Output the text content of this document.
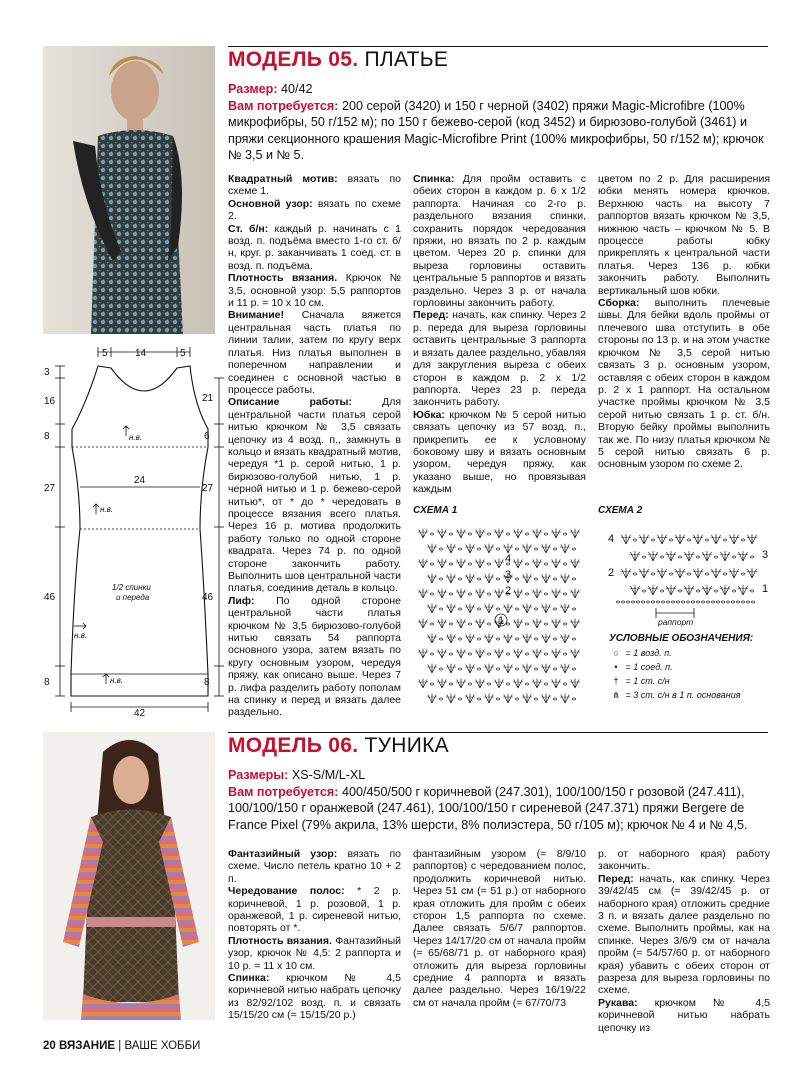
МОДЕЛЬ 05. ПЛАТЬЕ
Размер: 40/42
Вам потребуется: 200 серой (3420) и 150 г черной (3402) пряжи Magic-Microfibre (100% микрофибры, 50 г/152 м); по 150 г бежево-серой (код 3452) и бирюзово-голубой (3461) и пряжи секционного крашения Magic-Microfibre Print (100% микрофибры, 50 г/152 м); крючок № 3,5 и № 5.
5	14	5
3
16
8
27
46
8
21
6
27
46
8
24
42
н.в.
н.в.
н.в.
н.в.
1/2 спинки
и переда

Квадратный мотив: вязать по схеме 1.

Основной узор: вязать по схеме 2.

Ст. б/н: каждый р. начинать с 1 возд. п. подъёма вместо 1-го ст. б/н, круг. р. заканчивать 1 соед. ст. в возд. п. подъёма.

Плотность вязания. Крючок № 3,5, основной узор: 5,5 раппортов и 11 р. = 10 х 10 см.

Внимание! Сначала вяжется центральная часть платья по линии талии, затем по кругу верх платья. Низ платья выполнен в поперечном направлении и соединен с основной частью в процессе работы.

Описание работы: Для центральной части платья серой нитью крючком № 3,5 связать цепочку из 4 возд. п., замкнуть в кольцо и вязать квадратный мотив, чередуя *1 р. серой нитью, 1 р. бирюзово-голубой нитью, 1 р. черной нитью и 1 р. бежево-серой нитью*, от * до * чередовать в процессе вязания всего платья. Через 16 р. мотива продолжить работу только по одной стороне квадрата. Через 74 р. по одной стороне закончить работу. Выполнить шов центральной части платья, соединив деталь в кольцо.

Лиф: По одной стороне центральной части платья крючком № 3,5 бирюзово-голубой нитью связать 54 раппорта основного узора, затем вязать по кругу основным узором, чередуя пряжу, как описано выше. Через 7 р. лифа разделить работу пополам на спинку и перед и вязать далее раздельно.

Спинка: Для пройм оставить с обеих сторон в каждом р. 6 х 1/2 раппорта. Начиная со 2-го р. раздельного вязания спинки, сохранить порядок чередования пряжи, но вязать по 2 р. каждым цветом. Через 20 р. спинки для выреза горловины оставить центральные 5 раппортов и вязать раздельно. Через 3 р. от начала горловины закончить работу.

Перед: начать, как спинку. Через 2 р. переда для выреза горловины оставить центральные 3 раппорта и вязать далее раздельно, убавляя для закругления выреза с обеих сторон в каждом р. 2 х 1/2 раппорта. Через 23 р. переда закончить работу.

Юбка: крючком № 5 серой нитью связать цепочку из 57 возд. п., прикрепить ее к условному боковому шву и вязать основным узором, чередуя пряжу, как указано выше, но провязывая каждым

цветом по 2 р. Для расширения юбки менять номера крючков. Верхнюю часть на высоту 7 раппортов вязать крючком № 3,5, нижнюю часть – крючком № 5. В процессе работы юбку прикреплять к центральной части платья. Через 136 р. юбки закончить работу. Выполнить вертикальный шов юбки.

Сборка: выполнить плечевые швы. Для бейки вдоль проймы от плечевого шва отступить в обе стороны по 13 р. и на этом участке крючком № 3,5 серой нитью связать 3 р. основным узором, оставляя с обеих сторон в каждом р. 2 х 1 раппорт. На остальном участке проймы крючком № 3,5 серой нитью связать 1 р. ст. б/н. Вторую бейку проймы выполнить так же. По низу платья крючком № 5 серой нитью связать 6 р. основным узором по схеме 2.

СХЕМА 1
4
3
2
1
СХЕМА 2
4
3
2
1
раппорт
УСЛОВНЫЕ ОБОЗНАЧЕНИЯ:
○ = 1 возд. п.
• = 1 соед. п.
† = 1 ст. с/н
⋔ = 3 ст. с/н в 1 п. основания
МОДЕЛЬ 06. ТУНИКА
Размеры: XS-S/M/L-XL
Вам потребуется: 400/450/500 г коричневой (247.301), 100/100/150 г розовой (247.411), 100/100/150 г оранжевой (247.461), 100/100/150 г сиреневой (247.371) пряжи Bergere de France Pixel (79% акрила, 13% шерсти, 8% полиэстера, 50 г/105 м); крючок № 4 и № 4,5.

Фантазийный узор: вязать по схеме. Число петель кратно 10 + 2 п.

Чередование полос: * 2 р. коричневой, 1 р. розовой, 1 р. оранжевой, 1 р. сиреневой нитью, повторять от *.

Плотность вязания. Фантазийный узор, крючок № 4,5: 2 раппорта и 10 р. = 11 х 10 см.

Спинка: крючком № 4,5 коричневой нитью набрать цепочку из 82/92/102 возд. п. и связать 15/15/20 см (= 15/15/20 р.)

фантазийным узором (= 8/9/10 раппортов) с чередованием полос, продолжить коричневой нитью. Через 51 см (= 51 р.) от наборного края отложить для пройм с обеих сторон 1,5 раппорта по схеме. Далее связать 5/6/7 раппортов. Через 14/17/20 см от начала пройм (= 65/68/71 р. от наборного края) отложить для выреза горловины средние 4 раппорта и вязать далее раздельно. Через 16/19/22 см от начала пройм (= 67/70/73

р. от наборного края) работу закончить.

Перед: начать, как спинку. Через 39/42/45 см (= 39/42/45 р. от наборного края) отложить средние 3 п. и вязать далее раздельно по схеме. Выполнить проймы, как на спинке. Через 3/6/9 см от начала пройм (= 54/57/60 р. от наборного края) убавить с обеих сторон от разреза для выреза горловины по схеме.

Рукава: крючком № 4,5 коричневой нитью набрать цепочку из

20 ВЯЗАНИЕ | ВАШЕ ХОББИ
